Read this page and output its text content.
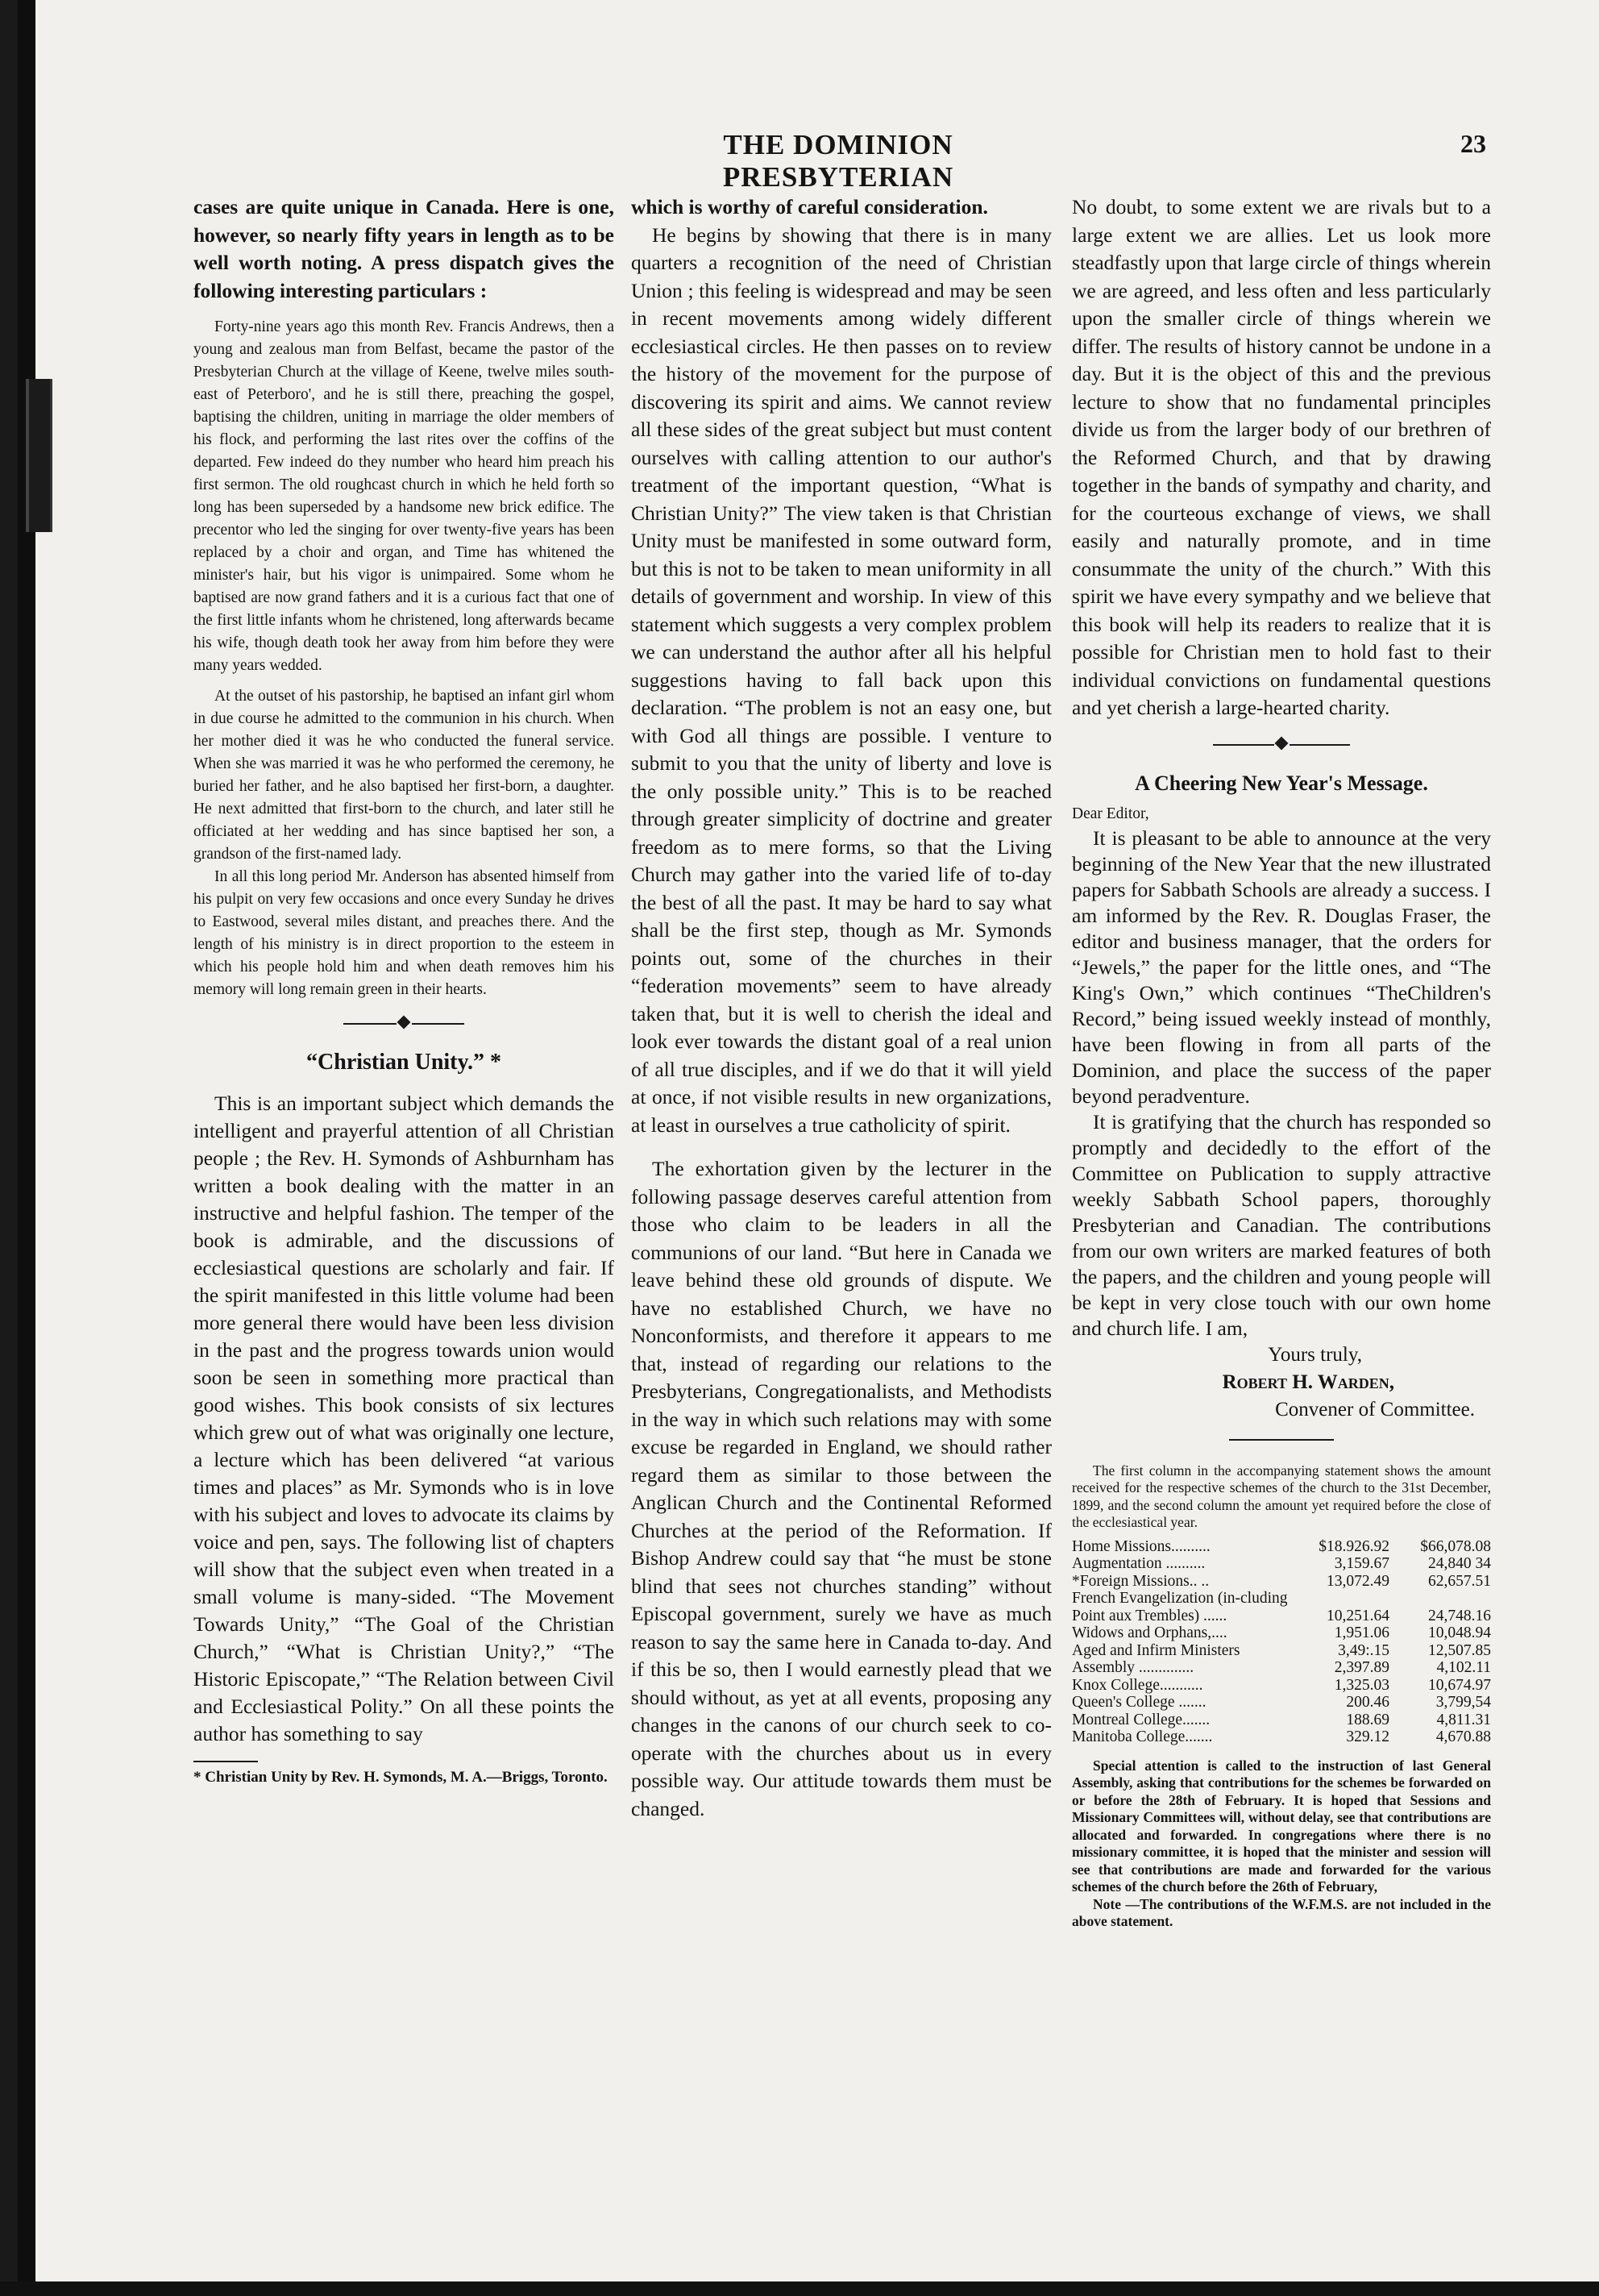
THE DOMINION PRESBYTERIAN
23

cases are quite unique in Canada. Here is one, however, so nearly fifty years in length as to be well worth noting. A press dispatch gives the following interesting particulars :

Forty-nine years ago this month Rev. Francis Andrews, then a young and zealous man from Belfast, became the pastor of the Presbyterian Church at the village of Keene, twelve miles south-east of Peterboro', and he is still there, preaching the gospel, baptising the children, uniting in marriage the older members of his flock, and performing the last rites over the coffins of the departed. Few indeed do they number who heard him preach his first sermon. The old roughcast church in which he held forth so long has been superseded by a handsome new brick edifice. The precentor who led the singing for over twenty-five years has been replaced by a choir and organ, and Time has whitened the minister's hair, but his vigor is unimpaired. Some whom he baptised are now grand fathers and it is a curious fact that one of the first little infants whom he christened, long afterwards became his wife, though death took her away from him before they were many years wedded.

At the outset of his pastorship, he baptised an infant girl whom in due course he admitted to the communion in his church. When her mother died it was he who conducted the funeral service. When she was married it was he who performed the ceremony, he buried her father, and he also baptised her first-born, a daughter. He next admitted that first-born to the church, and later still he officiated at her wedding and has since baptised her son, a grandson of the first-named lady.

In all this long period Mr. Anderson has absented himself from his pulpit on very few occasions and once every Sunday he drives to Eastwood, several miles distant, and preaches there. And the length of his ministry is in direct proportion to the esteem in which his people hold him and when death removes him his memory will long remain green in their hearts.

“Christian Unity.” *

This is an important subject which demands the intelligent and prayerful attention of all Christian people ; the Rev. H. Symonds of Ashburnham has written a book dealing with the matter in an instructive and helpful fashion. The temper of the book is admirable, and the discussions of ecclesiastical questions are scholarly and fair. If the spirit manifested in this little volume had been more general there would have been less division in the past and the progress towards union would soon be seen in something more practical than good wishes. This book consists of six lectures which grew out of what was originally one lecture, a lecture which has been delivered “at various times and places” as Mr. Symonds who is in love with his subject and loves to advocate its claims by voice and pen, says. The following list of chapters will show that the subject even when treated in a small volume is many-sided. “The Movement Towards Unity,” “The Goal of the Christian Church,” “What is Christian Unity?,” “The Historic Episcopate,” “The Relation between Civil and Ecclesiastical Polity.” On all these points the author has something to say

* Christian Unity by Rev. H. Symonds, M. A.—Briggs, Toronto.

which is worthy of careful consideration.

He begins by showing that there is in many quarters a recognition of the need of Christian Union ; this feeling is widespread and may be seen in recent movements among widely different ecclesiastical circles. He then passes on to review the history of the movement for the purpose of discovering its spirit and aims. We cannot review all these sides of the great subject but must content ourselves with calling attention to our author's treatment of the important question, “What is Christian Unity?” The view taken is that Christian Unity must be manifested in some outward form, but this is not to be taken to mean uniformity in all details of government and worship. In view of this statement which suggests a very complex problem we can understand the author after all his helpful suggestions having to fall back upon this declaration. “The problem is not an easy one, but with God all things are possible. I venture to submit to you that the unity of liberty and love is the only possible unity.” This is to be reached through greater simplicity of doctrine and greater freedom as to mere forms, so that the Living Church may gather into the varied life of to-day the best of all the past. It may be hard to say what shall be the first step, though as Mr. Symonds points out, some of the churches in their “federation movements” seem to have already taken that, but it is well to cherish the ideal and look ever towards the distant goal of a real union of all true disciples, and if we do that it will yield at once, if not visible results in new organizations, at least in ourselves a true catholicity of spirit.

The exhortation given by the lecturer in the following passage deserves careful attention from those who claim to be leaders in all the communions of our land. “But here in Canada we leave behind these old grounds of dispute. We have no established Church, we have no Nonconformists, and therefore it appears to me that, instead of regarding our relations to the Presbyterians, Congregationalists, and Methodists in the way in which such relations may with some excuse be regarded in England, we should rather regard them as similar to those between the Anglican Church and the Continental Reformed Churches at the period of the Reformation. If Bishop Andrew could say that “he must be stone blind that sees not churches standing” without Episcopal government, surely we have as much reason to say the same here in Canada to-day. And if this be so, then I would earnestly plead that we should without, as yet at all events, proposing any changes in the canons of our church seek to co-operate with the churches about us in every possible way. Our attitude towards them must be changed.

No doubt, to some extent we are rivals but to a large extent we are allies. Let us look more steadfastly upon that large circle of things wherein we are agreed, and less often and less particularly upon the smaller circle of things wherein we differ. The results of history cannot be undone in a day. But it is the object of this and the previous lecture to show that no fundamental principles divide us from the larger body of our brethren of the Reformed Church, and that by drawing together in the bands of sympathy and charity, and for the courteous exchange of views, we shall easily and naturally promote, and in time consummate the unity of the church.” With this spirit we have every sympathy and we believe that this book will help its readers to realize that it is possible for Christian men to hold fast to their individual convictions on fundamental questions and yet cherish a large-hearted charity.

A Cheering New Year's Message.

Dear Editor,

It is pleasant to be able to announce at the very beginning of the New Year that the new illustrated papers for Sabbath Schools are already a success. I am informed by the Rev. R. Douglas Fraser, the editor and business manager, that the orders for “Jewels,” the paper for the little ones, and “The King's Own,” which continues “TheChildren's Record,” being issued weekly instead of monthly, have been flowing in from all parts of the Dominion, and place the success of the paper beyond peradventure.

It is gratifying that the church has responded so promptly and decidedly to the effort of the Committee on Publication to supply attractive weekly Sabbath School papers, thoroughly Presbyterian and Canadian. The contributions from our own writers are marked features of both the papers, and the children and young people will be kept in very close touch with our own home and church life. I am,

Yours truly,
Robert H. Warden,
Convener of Committee.

The first column in the accompanying statement shows the amount received for the respective schemes of the church to the 31st December, 1899, and the second column the amount yet required before the close of the ecclesiastical year.

Home Missions..........	$18.926.92	$66,078.08
Augmentation ..........	3,159.67	24,840 34
*Foreign Missions.. ..	13,072.49	62,657.51
French Evangelization (in-cluding Point aux Trembles) ......	10,251.64	24,748.16
Widows and Orphans,....	1,951.06	10,048.94
Aged and Infirm Ministers	3,49:.15	12,507.85
Assembly ..............	2,397.89	4,102.11
Knox College...........	1,325.03	10,674.97
Queen's College .......	200.46	3,799,54
Montreal College.......	188.69	4,811.31
Manitoba College.......	329.12	4,670.88

Special attention is called to the instruction of last General Assembly, asking that contributions for the schemes be forwarded on or before the 28th of February. It is hoped that Sessions and Missionary Committees will, without delay, see that contributions are allocated and forwarded. In congregations where there is no missionary committee, it is hoped that the minister and session will see that contributions are made and forwarded for the various schemes of the church before the 26th of February,

Note —The contributions of the W.F.M.S. are not included in the above statement.
